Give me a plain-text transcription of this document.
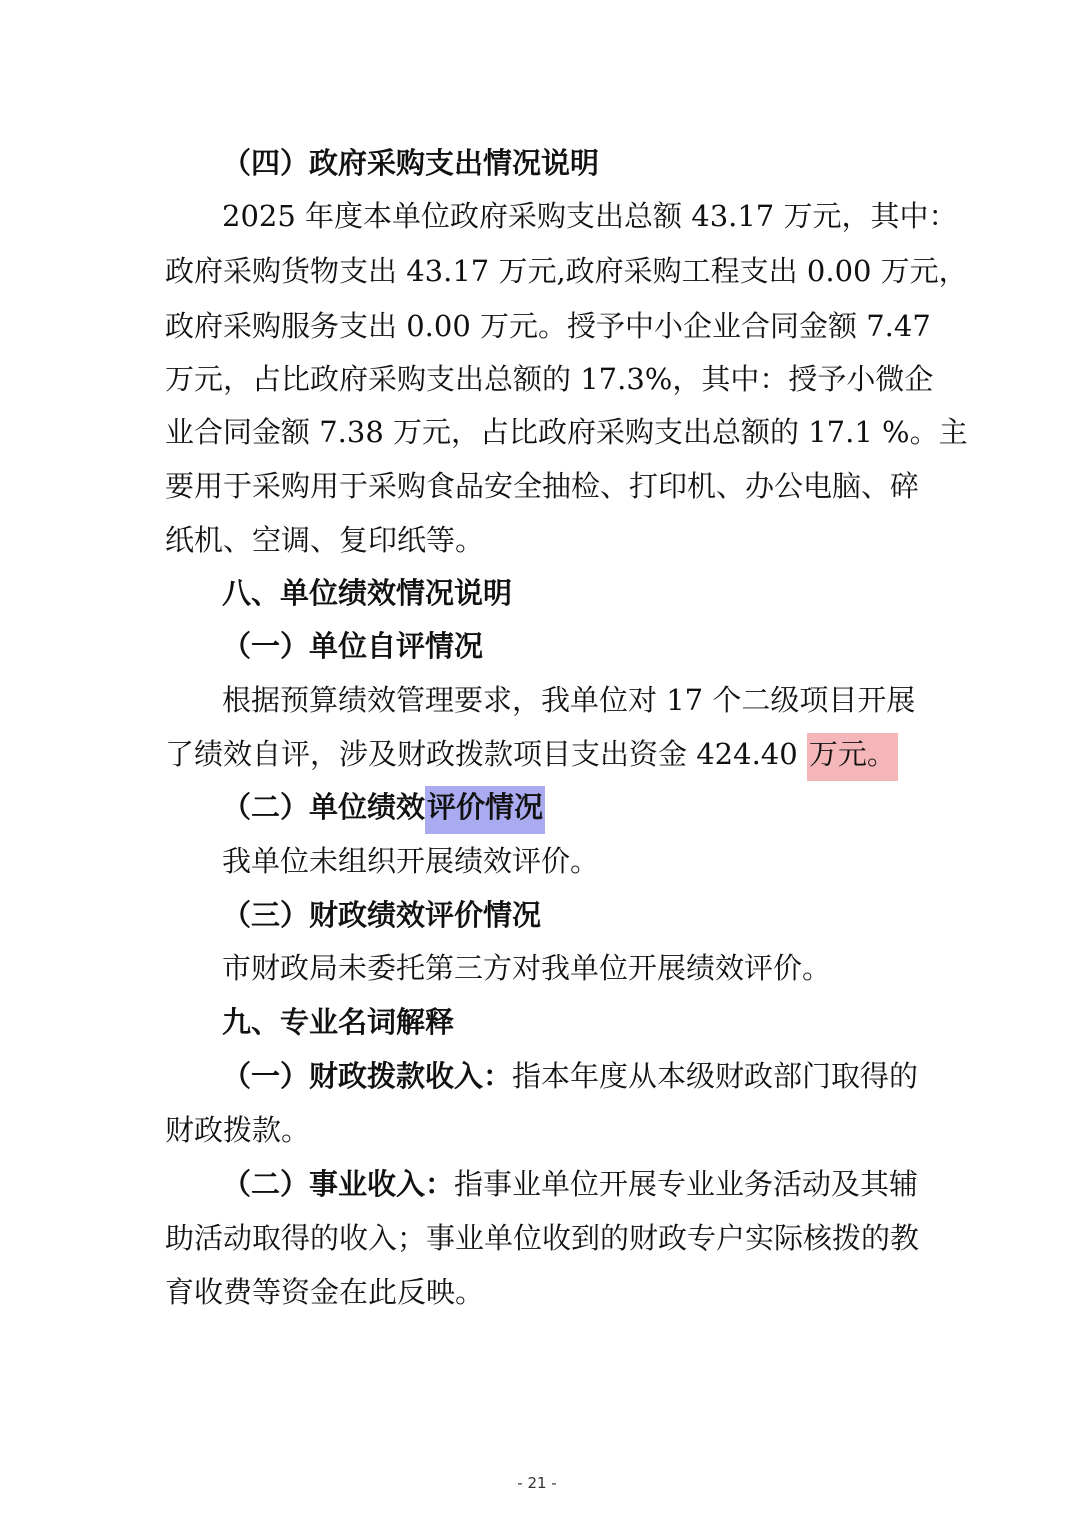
（四）政府采购支出情况说明
2025 年度本单位政府采购支出总额 43.17 万元，其中：
政府采购货物支出 43.17 万元,政府采购工程支出 0.00 万元，
政府采购服务支出 0.00 万元。授予中小企业合同金额 7.47
万元，占比政府采购支出总额的 17.3%，其中：授予小微企
业合同金额 7.38 万元，占比政府采购支出总额的 17.1 %。主
要用于采购用于采购食品安全抽检、打印机、办公电脑、碎
纸机、空调、复印纸等。
八、单位绩效情况说明
（一）单位自评情况
根据预算绩效管理要求，我单位对 17 个二级项目开展
了绩效自评，涉及财政拨款项目支出资金 424.40 万元。
（二）单位绩效评价情况
我单位未组织开展绩效评价。
（三）财政绩效评价情况
市财政局未委托第三方对我单位开展绩效评价。
九、专业名词解释
（一）财政拨款收入：指本年度从本级财政部门取得的
财政拨款。
（二）事业收入：指事业单位开展专业业务活动及其辅
助活动取得的收入；事业单位收到的财政专户实际核拨的教
育收费等资金在此反映。
- 21 -
